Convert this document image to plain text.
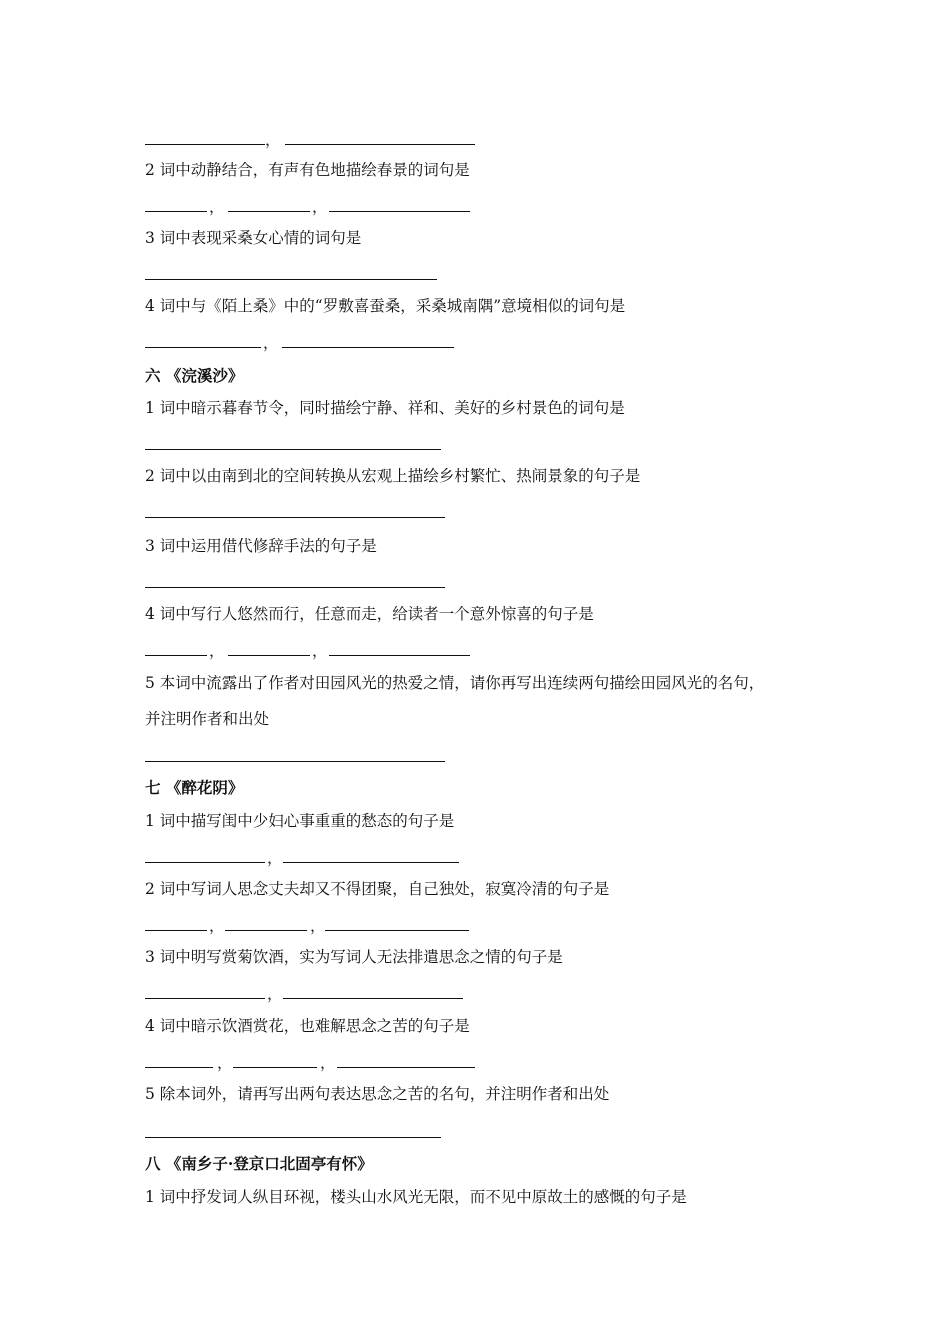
，
2 词中动静结合，有声有色地描绘春景的词句是
，	，
3 词中表现采桑女心情的词句是
4 词中与《陌上桑》中的“罗敷喜蚕桑，采桑城南隅”意境相似的词句是
，
六 《浣溪沙》
1 词中暗示暮春节令，同时描绘宁静、祥和、美好的乡村景色的词句是
2 词中以由南到北的空间转换从宏观上描绘乡村繁忙、热闹景象的句子是
3 词中运用借代修辞手法的句子是
4 词中写行人悠然而行，任意而走，给读者一个意外惊喜的句子是
，	，
5 本词中流露出了作者对田园风光的热爱之情，请你再写出连续两句描绘田园风光的名句，
并注明作者和出处
七 《醉花阴》
1 词中描写闺中少妇心事重重的愁态的句子是
，
2 词中写词人思念丈夫却又不得团聚，自己独处，寂寞冷清的句子是
，	，
3 词中明写赏菊饮酒，实为写词人无法排遣思念之情的句子是
，
4 词中暗示饮酒赏花，也难解思念之苦的句子是
，	，
5 除本词外，请再写出两句表达思念之苦的名句，并注明作者和出处
八 《南乡子·登京口北固亭有怀》
1 词中抒发词人纵目环视，楼头山水风光无限，而不见中原故土的感慨的句子是
